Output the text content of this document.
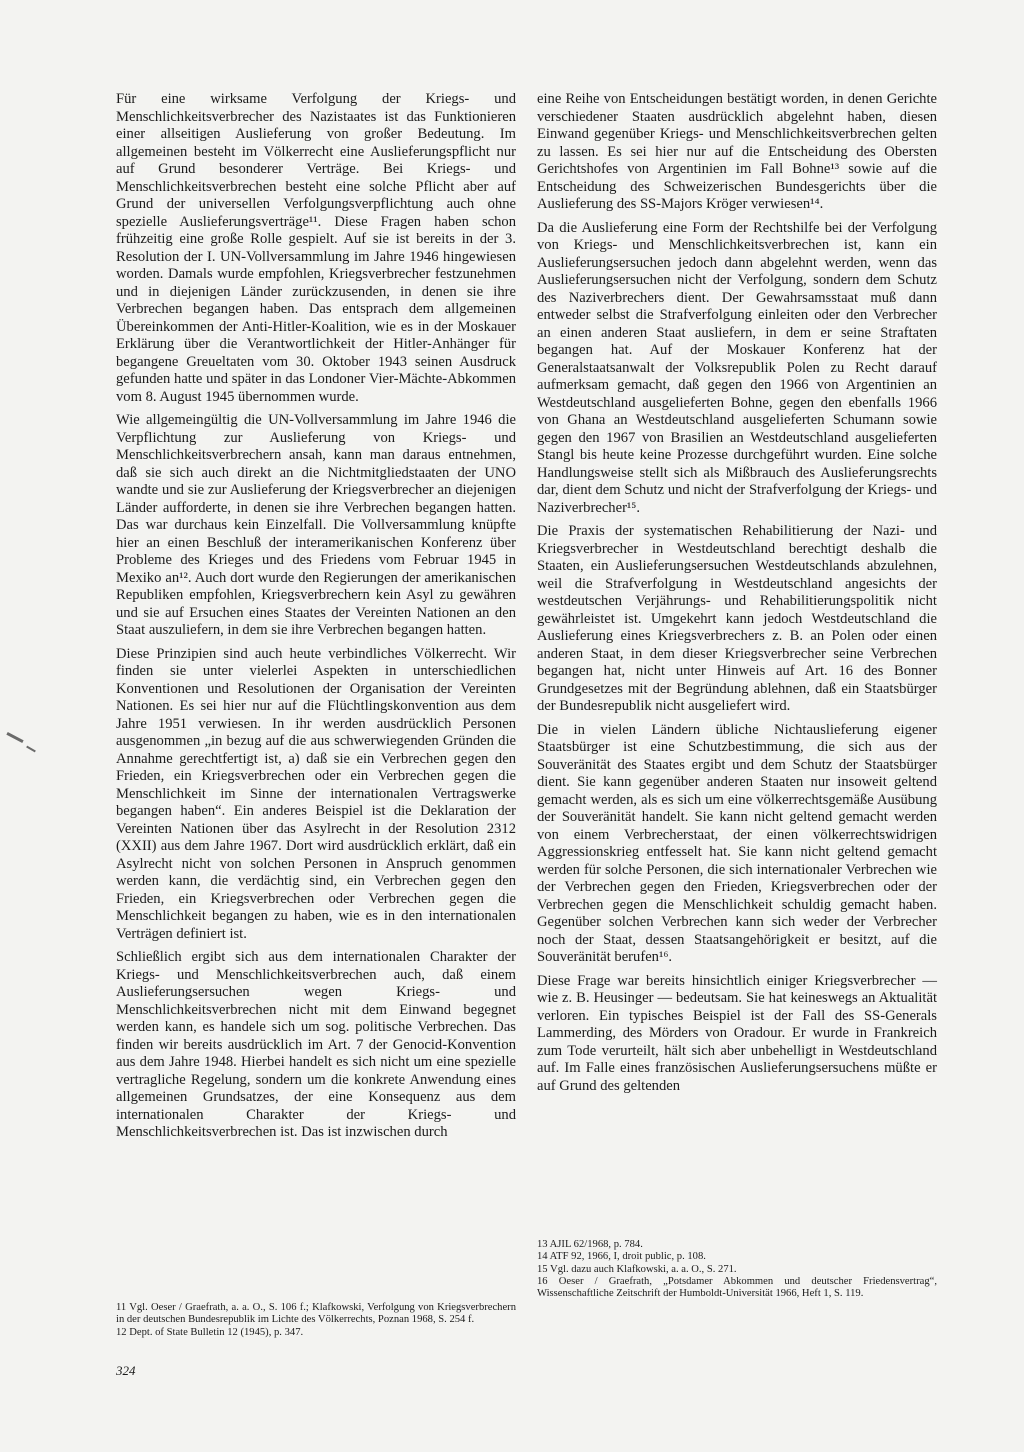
Für eine wirksame Verfolgung der Kriegs- und Menschlichkeitsverbrecher des Nazistaates ist das Funktionieren einer allseitigen Auslieferung von großer Bedeutung. Im allgemeinen besteht im Völkerrecht eine Auslieferungspflicht nur auf Grund besonderer Verträge. Bei Kriegs- und Menschlichkeitsverbrechen besteht eine solche Pflicht aber auf Grund der universellen Verfolgungsverpflichtung auch ohne spezielle Auslieferungsverträge¹¹. Diese Fragen haben schon frühzeitig eine große Rolle gespielt. Auf sie ist bereits in der 3. Resolution der I. UN-Vollversammlung im Jahre 1946 hingewiesen worden. Damals wurde empfohlen, Kriegsverbrecher festzunehmen und in diejenigen Länder zurückzusenden, in denen sie ihre Verbrechen begangen haben. Das entsprach dem allgemeinen Übereinkommen der Anti-Hitler-Koalition, wie es in der Moskauer Erklärung über die Verantwortlichkeit der Hitler-Anhänger für begangene Greueltaten vom 30. Oktober 1943 seinen Ausdruck gefunden hatte und später in das Londoner Vier-Mächte-Abkommen vom 8. August 1945 übernommen wurde.

Wie allgemeingültig die UN-Vollversammlung im Jahre 1946 die Verpflichtung zur Auslieferung von Kriegs- und Menschlichkeitsverbrechern ansah, kann man daraus entnehmen, daß sie sich auch direkt an die Nichtmitgliedstaaten der UNO wandte und sie zur Auslieferung der Kriegsverbrecher an diejenigen Länder aufforderte, in denen sie ihre Verbrechen begangen hatten. Das war durchaus kein Einzelfall. Die Vollversammlung knüpfte hier an einen Beschluß der interamerikanischen Konferenz über Probleme des Krieges und des Friedens vom Februar 1945 in Mexiko an¹². Auch dort wurde den Regierungen der amerikanischen Republiken empfohlen, Kriegsverbrechern kein Asyl zu gewähren und sie auf Ersuchen eines Staates der Vereinten Nationen an den Staat auszuliefern, in dem sie ihre Verbrechen begangen hatten.

Diese Prinzipien sind auch heute verbindliches Völkerrecht. Wir finden sie unter vielerlei Aspekten in unterschiedlichen Konventionen und Resolutionen der Organisation der Vereinten Nationen. Es sei hier nur auf die Flüchtlingskonvention aus dem Jahre 1951 verwiesen. In ihr werden ausdrücklich Personen ausgenommen „in bezug auf die aus schwerwiegenden Gründen die Annahme gerechtfertigt ist, a) daß sie ein Verbrechen gegen den Frieden, ein Kriegsverbrechen oder ein Verbrechen gegen die Menschlichkeit im Sinne der internationalen Vertragswerke begangen haben“. Ein anderes Beispiel ist die Deklaration der Vereinten Nationen über das Asylrecht in der Resolution 2312 (XXII) aus dem Jahre 1967. Dort wird ausdrücklich erklärt, daß ein Asylrecht nicht von solchen Personen in Anspruch genommen werden kann, die verdächtig sind, ein Verbrechen gegen den Frieden, ein Kriegsverbrechen oder Verbrechen gegen die Menschlichkeit begangen zu haben, wie es in den internationalen Verträgen definiert ist.

Schließlich ergibt sich aus dem internationalen Charakter der Kriegs- und Menschlichkeitsverbrechen auch, daß einem Auslieferungsersuchen wegen Kriegs- und Menschlichkeitsverbrechen nicht mit dem Einwand begegnet werden kann, es handele sich um sog. politische Verbrechen. Das finden wir bereits ausdrücklich im Art. 7 der Genocid-Konvention aus dem Jahre 1948. Hierbei handelt es sich nicht um eine spezielle vertragliche Regelung, sondern um die konkrete Anwendung eines allgemeinen Grundsatzes, der eine Konsequenz aus dem internationalen Charakter der Kriegs- und Menschlichkeitsverbrechen ist. Das ist inzwischen durch

eine Reihe von Entscheidungen bestätigt worden, in denen Gerichte verschiedener Staaten ausdrücklich abgelehnt haben, diesen Einwand gegenüber Kriegs- und Menschlichkeitsverbrechen gelten zu lassen. Es sei hier nur auf die Entscheidung des Obersten Gerichtshofes von Argentinien im Fall Bohne¹³ sowie auf die Entscheidung des Schweizerischen Bundesgerichts über die Auslieferung des SS-Majors Kröger verwiesen¹⁴.

Da die Auslieferung eine Form der Rechtshilfe bei der Verfolgung von Kriegs- und Menschlichkeitsverbrechen ist, kann ein Auslieferungsersuchen jedoch dann abgelehnt werden, wenn das Auslieferungsersuchen nicht der Verfolgung, sondern dem Schutz des Naziverbrechers dient. Der Gewahrsamsstaat muß dann entweder selbst die Strafverfolgung einleiten oder den Verbrecher an einen anderen Staat ausliefern, in dem er seine Straftaten begangen hat. Auf der Moskauer Konferenz hat der Generalstaatsanwalt der Volksrepublik Polen zu Recht darauf aufmerksam gemacht, daß gegen den 1966 von Argentinien an Westdeutschland ausgelieferten Bohne, gegen den ebenfalls 1966 von Ghana an Westdeutschland ausgelieferten Schumann sowie gegen den 1967 von Brasilien an Westdeutschland ausgelieferten Stangl bis heute keine Prozesse durchgeführt wurden. Eine solche Handlungsweise stellt sich als Mißbrauch des Auslieferungsrechts dar, dient dem Schutz und nicht der Strafverfolgung der Kriegs- und Naziverbrecher¹⁵.

Die Praxis der systematischen Rehabilitierung der Nazi- und Kriegsverbrecher in Westdeutschland berechtigt deshalb die Staaten, ein Auslieferungsersuchen Westdeutschlands abzulehnen, weil die Strafverfolgung in Westdeutschland angesichts der westdeutschen Verjährungs- und Rehabilitierungspolitik nicht gewährleistet ist. Umgekehrt kann jedoch Westdeutschland die Auslieferung eines Kriegsverbrechers z. B. an Polen oder einen anderen Staat, in dem dieser Kriegsverbrecher seine Verbrechen begangen hat, nicht unter Hinweis auf Art. 16 des Bonner Grundgesetzes mit der Begründung ablehnen, daß ein Staatsbürger der Bundesrepublik nicht ausgeliefert wird.

Die in vielen Ländern übliche Nichtauslieferung eigener Staatsbürger ist eine Schutzbestimmung, die sich aus der Souveränität des Staates ergibt und dem Schutz der Staatsbürger dient. Sie kann gegenüber anderen Staaten nur insoweit geltend gemacht werden, als es sich um eine völkerrechtsgemäße Ausübung der Souveränität handelt. Sie kann nicht geltend gemacht werden von einem Verbrecherstaat, der einen völkerrechtswidrigen Aggressionskrieg entfesselt hat. Sie kann nicht geltend gemacht werden für solche Personen, die sich internationaler Verbrechen wie der Verbrechen gegen den Frieden, Kriegsverbrechen oder der Verbrechen gegen die Menschlichkeit schuldig gemacht haben. Gegenüber solchen Verbrechen kann sich weder der Verbrecher noch der Staat, dessen Staatsangehörigkeit er besitzt, auf die Souveränität berufen¹⁶.

Diese Frage war bereits hinsichtlich einiger Kriegsverbrecher — wie z. B. Heusinger — bedeutsam. Sie hat keineswegs an Aktualität verloren. Ein typisches Beispiel ist der Fall des SS-Generals Lammerding, des Mörders von Oradour. Er wurde in Frankreich zum Tode verurteilt, hält sich aber unbehelligt in Westdeutschland auf. Im Falle eines französischen Auslieferungsersuchens müßte er auf Grund des geltenden

11 Vgl. Oeser / Graefrath, a. a. O., S. 106 f.; Klafkowski, Verfolgung von Kriegsverbrechern in der deutschen Bundesrepublik im Lichte des Völkerrechts, Poznan 1968, S. 254 f.
12 Dept. of State Bulletin 12 (1945), p. 347.
13 AJIL 62/1968, p. 784.
14 ATF 92, 1966, I, droit public, p. 108.
15 Vgl. dazu auch Klafkowski, a. a. O., S. 271.
16 Oeser / Graefrath, „Potsdamer Abkommen und deutscher Friedensvertrag“, Wissenschaftliche Zeitschrift der Humboldt-Universität 1966, Heft 1, S. 119.
324
